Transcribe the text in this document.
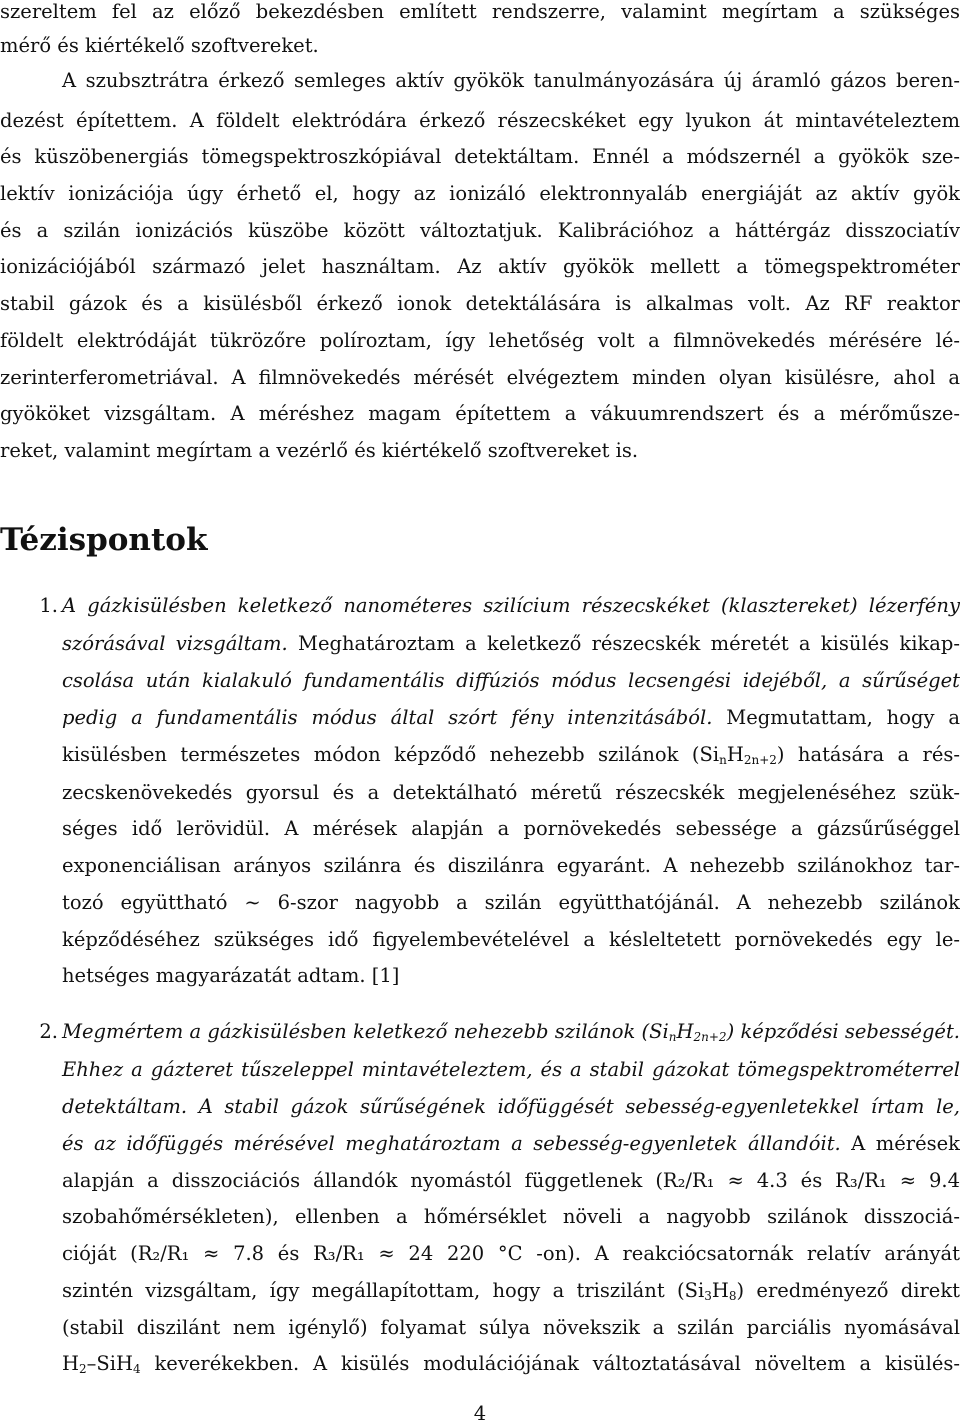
szereltem fel az előző bekezdésben említett rendszerre, valamint megírtam a szükséges
mérő és kiértékelő szoftvereket.
A szubsztrátra érkező semleges aktív gyökök tanulmányozására új áramló gázos beren-
dezést építettem. A földelt elektródára érkező részecskéket egy lyukon át mintavételeztem
és küszöbenergiás tömegspektroszkópiával detektáltam. Ennél a módszernél a gyökök sze-
lektív ionizációja úgy érhető el, hogy az ionizáló elektronnyaláb energiáját az aktív gyök
és a szilán ionizációs küszöbe között változtatjuk. Kalibrációhoz a háttérgáz disszociatív
ionizációjából származó jelet használtam. Az aktív gyökök mellett a tömegspektrométer
stabil gázok és a kisülésből érkező ionok detektálására is alkalmas volt. Az RF reaktor
földelt elektródáját tükrözőre políroztam, így lehetőség volt a filmnövekedés mérésére lé-
zerinterferometriával. A filmnövekedés mérését elvégeztem minden olyan kisülésre, ahol a
gyököket vizsgáltam. A méréshez magam építettem a vákuumrendszert és a mérőműsze-
reket, valamint megírtam a vezérlő és kiértékelő szoftvereket is.
Tézispontok
1. A gázkisülésben keletkező nanométeres szilícium részecskéket (klasztereket) lézerfény
szórásával vizsgáltam. Meghatároztam a keletkező részecskék méretét a kisülés kikap-
csolása után kialakuló fundamentális diffúziós módus lecsengési idejéből, a sűrűséget
pedig a fundamentális módus által szórt fény intenzitásából. Megmutattam, hogy a
kisülésben természetes módon képződő nehezebb szilánok $(Si_nH_{2n+2})$ hatására a rés-
zecskenövekedés gyorsul és a detektálható méretű részecskék megjelenéséhez szük-
séges idő lerövidül. A mérések alapján a pornövekedés sebessége a gázsűrűséggel
exponenciálisan arányos szilánra és diszilánra egyaránt. A nehezebb szilánokhoz tar-
tozó együttható ∼ 6-szor nagyobb a szilán együtthatójánál. A nehezebb szilánok
képződéséhez szükséges idő figyelembevételével a késleltetett pornövekedés egy le-
hetséges magyarázatát adtam. [1]
2. Megmértem a gázkisülésben keletkező nehezebb szilánok $(Si_nH_{2n+2})$ képződési sebességét.
Ehhez a gázteret tűszeleppel mintavételeztem, és a stabil gázokat tömegspektrométerrel
detektáltam. A stabil gázok sűrűségének időfüggését sebesség-egyenletekkel írtam le,
és az időfüggés mérésével meghatároztam a sebesség-egyenletek állandóit. A mérések
alapján a disszociációs állandók nyomástól függetlenek (R₂/R₁ ≈ 4.3 és R₃/R₁ ≈ 9.4
szobahőmérsékleten), ellenben a hőmérséklet növeli a nagyobb szilánok disszociá-
cióját (R₂/R₁ ≈ 7.8 és R₃/R₁ ≈ 24 220 °C -on). A reakciócsatornák relatív arányát
szintén vizsgáltam, így megállapítottam, hogy a triszilánt $(Si_3H_8)$ eredményező direkt
(stabil diszilánt nem igénylő) folyamat súlya növekszik a szilán parciális nyomásával
$H_2-SiH_4$ keverékekben. A kisülés modulációjának változtatásával növeltem a kisülés-
4
